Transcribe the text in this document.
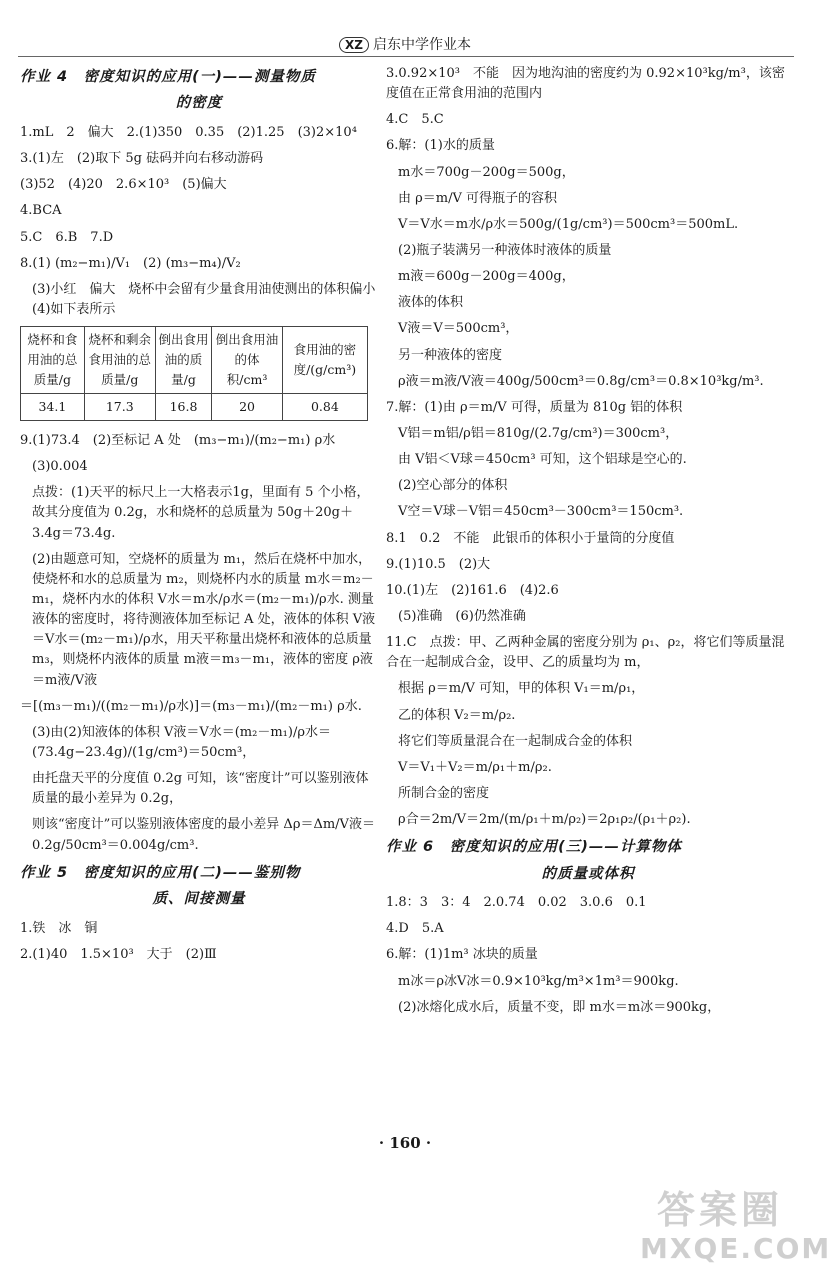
XZ 启东中学作业本
作业 4　密度知识的应用(一)——测量物质
的密度

1.mL　2　偏大　2.(1)350　0.35　(2)1.25　(3)2×10⁴

3.(1)左　(2)取下 5g 砝码并向右移动游码

(3)52　(4)20　2.6×10³　(5)偏大

4.BCA

5.C　6.B　7.D

8.(1) (m₂−m₁)/V₁　(2) (m₃−m₄)/V₂

(3)小红　偏大　烧杯中会留有少量食用油使测出的体积偏小　(4)如下表所示

烧杯和食用油的总质量/g	烧杯和剩余食用油的总质量/g	倒出食用油的质量/g	倒出食用油的体积/cm³	食用油的密度/(g/cm³)
34.1	17.3	16.8	20	0.84

9.(1)73.4　(2)至标记 A 处　(m₃−m₁)/(m₂−m₁) ρ水

(3)0.004

点拨：(1)天平的标尺上一大格表示1g，里面有 5 个小格，故其分度值为 0.2g，水和烧杯的总质量为 50g＋20g＋3.4g＝73.4g.

(2)由题意可知，空烧杯的质量为 m₁，然后在烧杯中加水，使烧杯和水的总质量为 m₂，则烧杯内水的质量 m水＝m₂－m₁，烧杯内水的体积 V水＝m水/ρ水＝(m₂－m₁)/ρ水. 测量液体的密度时，将待测液体加至标记 A 处，液体的体积 V液＝V水＝(m₂－m₁)/ρ水，用天平称量出烧杯和液体的总质量 m₃，则烧杯内液体的质量 m液＝m₃－m₁，液体的密度 ρ液＝m液/V液

＝[(m₃－m₁)/((m₂－m₁)/ρ水)]＝(m₃－m₁)/(m₂－m₁) ρ水.

(3)由(2)知液体的体积 V液＝V水＝(m₂－m₁)/ρ水＝(73.4g−23.4g)/(1g/cm³)＝50cm³，

由托盘天平的分度值 0.2g 可知，该“密度计”可以鉴别液体质量的最小差异为 0.2g，

则该“密度计”可以鉴别液体密度的最小差异 Δρ＝Δm/V液＝0.2g/50cm³＝0.004g/cm³.

作业 5　密度知识的应用(二)——鉴别物
质、间接测量

1.铁　冰　铜

2.(1)40　1.5×10³　大于　(2)Ⅲ

3.0.92×10³　不能　因为地沟油的密度约为 0.92×10³kg/m³，该密度值在正常食用油的范围内

4.C　5.C

6.解：(1)水的质量

m水＝700g－200g＝500g，

由 ρ＝m/V 可得瓶子的容积

V＝V水＝m水/ρ水＝500g/(1g/cm³)＝500cm³＝500mL.

(2)瓶子装满另一种液体时液体的质量

m液＝600g－200g＝400g，

液体的体积

V液＝V＝500cm³，

另一种液体的密度

ρ液＝m液/V液＝400g/500cm³＝0.8g/cm³＝0.8×10³kg/m³.

7.解：(1)由 ρ＝m/V 可得，质量为 810g 铝的体积

V铝＝m铝/ρ铝＝810g/(2.7g/cm³)＝300cm³，

由 V铝＜V球＝450cm³ 可知，这个铝球是空心的.

(2)空心部分的体积

V空＝V球－V铝＝450cm³－300cm³＝150cm³.

8.1　0.2　不能　此银币的体积小于量筒的分度值

9.(1)10.5　(2)大

10.(1)左　(2)161.6　(4)2.6

(5)准确　(6)仍然准确

11.C　点拨：甲、乙两种金属的密度分别为 ρ₁、ρ₂，将它们等质量混合在一起制成合金，设甲、乙的质量均为 m，

根据 ρ＝m/V 可知，甲的体积 V₁＝m/ρ₁，

乙的体积 V₂＝m/ρ₂.

将它们等质量混合在一起制成合金的体积

V＝V₁＋V₂＝m/ρ₁＋m/ρ₂.

所制合金的密度

ρ合＝2m/V＝2m/(m/ρ₁＋m/ρ₂)＝2ρ₁ρ₂/(ρ₁＋ρ₂).

作业 6　密度知识的应用(三)——计算物体
的质量或体积

1.8：3　3：4　2.0.74　0.02　3.0.6　0.1

4.D　5.A

6.解：(1)1m³ 冰块的质量

m冰＝ρ冰V冰＝0.9×10³kg/m³×1m³＝900kg.

(2)冰熔化成水后，质量不变，即 m水＝m冰＝900kg，

· 160 ·
答案圈
MXQE.COM
